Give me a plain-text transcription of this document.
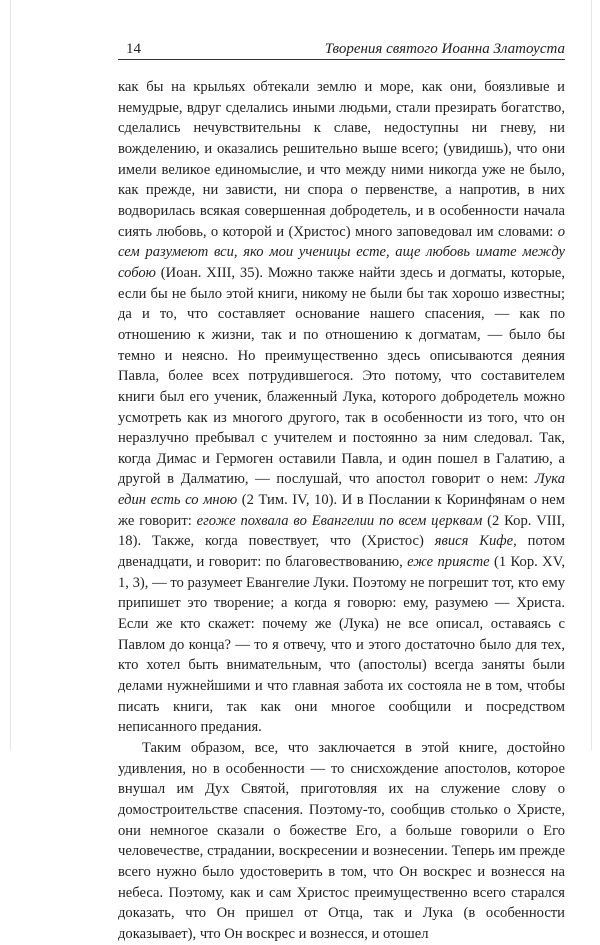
14	Творения святого Иоанна Златоуста

как бы на крыльях обтекали землю и море, как они, боязливые и немудрые, вдруг сделались иными людьми, стали презирать богатство, сделались нечувствительны к славе, недоступны ни гневу, ни вожделению, и оказались решительно выше всего; (увидишь), что они имели великое единомыслие, и что между ними никогда уже не было, как прежде, ни зависти, ни спора о первенстве, а напротив, в них водворилась всякая совершенная добродетель, и в особенности начала сиять любовь, о которой и (Христос) много заповедовал им словами: о сем разумеют вси, яко мои ученицы есте, аще любовь имате между собою (Иоан. XIII, 35). Можно также найти здесь и догматы, которые, если бы не было этой книги, никому не были бы так хорошо известны; да и то, что составляет основание нашего спасения, — как по отношению к жизни, так и по отношению к догматам, — было бы темно и неясно. Но преимущественно здесь описываются деяния Павла, более всех потрудившегося. Это потому, что составителем книги был его ученик, блаженный Лука, которого добродетель можно усмотреть как из многого другого, так в особенности из того, что он неразлучно пребывал с учителем и постоянно за ним следовал. Так, когда Димас и Гермоген оставили Павла, и один пошел в Галатию, а другой в Далматию, — послушай, что апостол говорит о нем: Лука един есть со мною (2 Тим. IV, 10). И в Послании к Коринфянам о нем же говорит: егоже похвала во Евангелии по всем церквам (2 Кор. VIII, 18). Также, когда повествует, что (Христос) явися Кифе, потом двенадцати, и говорит: по благовествованию, еже приясте (1 Кор. XV, 1, 3), — то разумеет Евангелие Луки. Поэтому не погрешит тот, кто ему припишет это творение; а когда я говорю: ему, разумею — Христа. Если же кто скажет: почему же (Лука) не все описал, оставаясь с Павлом до конца? — то я отвечу, что и этого достаточно было для тех, кто хотел быть внимательным, что (апостолы) всегда заняты были делами нужнейшими и что главная забота их состояла не в том, чтобы писать книги, так как они многое сообщили и посредством неписанного предания.

Таким образом, все, что заключается в этой книге, достойно удивления, но в особенности — то снисхождение апостолов, которое внушал им Дух Святой, приготовляя их на служение слову о домостроительстве спасения. Поэтому-то, сообщив столько о Христе, они немногое сказали о божестве Его, а больше говорили о Его человечестве, страдании, воскресении и вознесении. Теперь им прежде всего нужно было удостоверить в том, что Он воскрес и вознесся на небеса. Поэтому, как и сам Христос преимущественно всего старался доказать, что Он пришел от Отца, так и Лука (в особенности доказывает), что Он воскрес и вознесся, и отошел
